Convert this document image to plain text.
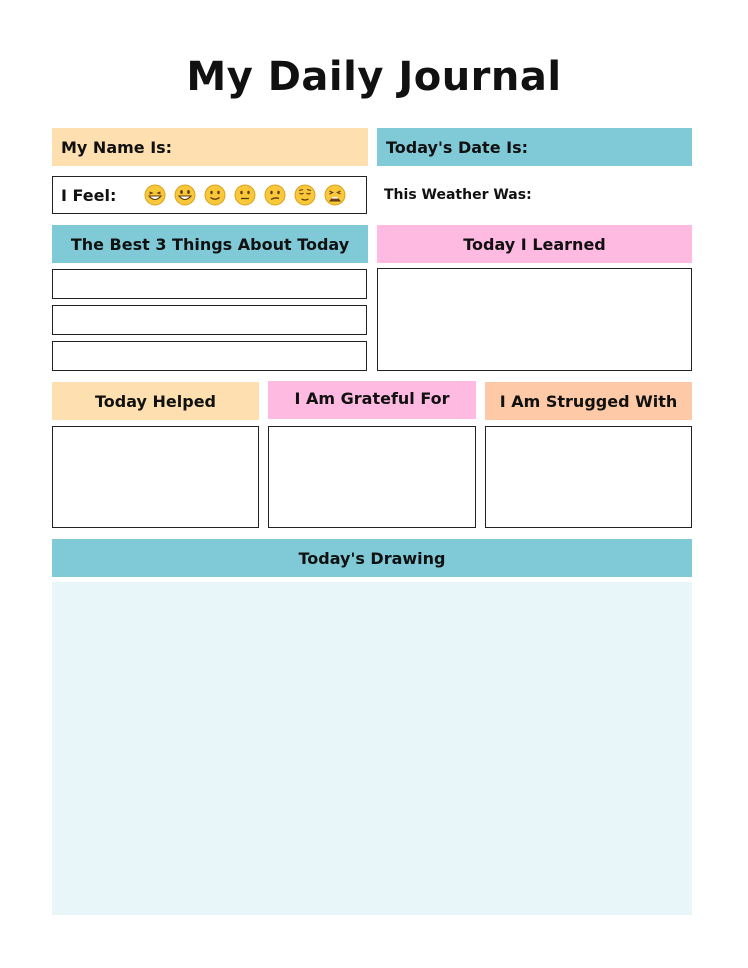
My Daily Journal
My Name Is:	Today's Date Is:
I Feel:	This Weather Was:
The Best 3 Things About Today	Today I Learned
Today Helped	I Am Grateful For	I Am Strugged With
Today's Drawing
